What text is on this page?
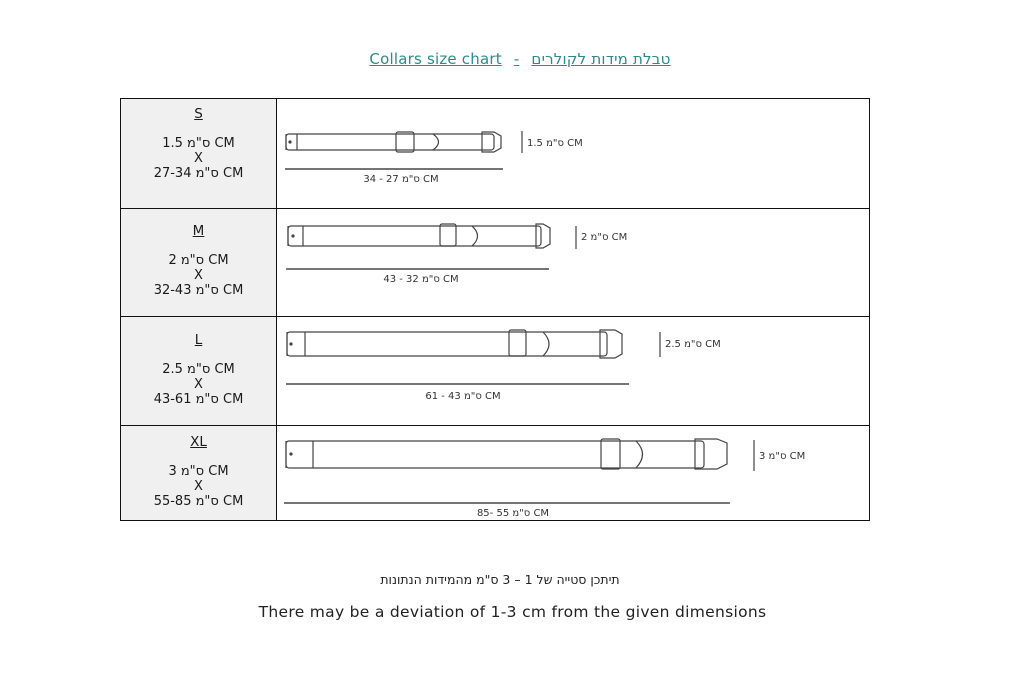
Collars size chart - טבלת מידות לקולרים
S
ס"מ 1.5 CM
X
ס"מ 27-34 CM	ס"מ 27 - 34 CM
ס"מ 1.5 CM

M
ס"מ 2 CM
X
ס"מ 32-43 CM	ס"מ 32 - 43 CM
ס"מ 2 CM

L
ס"מ 2.5 CM
X
ס"מ 43-61 CM	ס"מ 43 - 61 CM
ס"מ 2.5 CM

XL
ס"מ 3 CM
X
ס"מ 55-85 CM	ס"מ 55 -85 CM
ס"מ 3 CM
תיתכן סטייה של 1 – 3 ס"מ מהמידות הנתונות
There may be a deviation of 1-3 cm from the given dimensions
